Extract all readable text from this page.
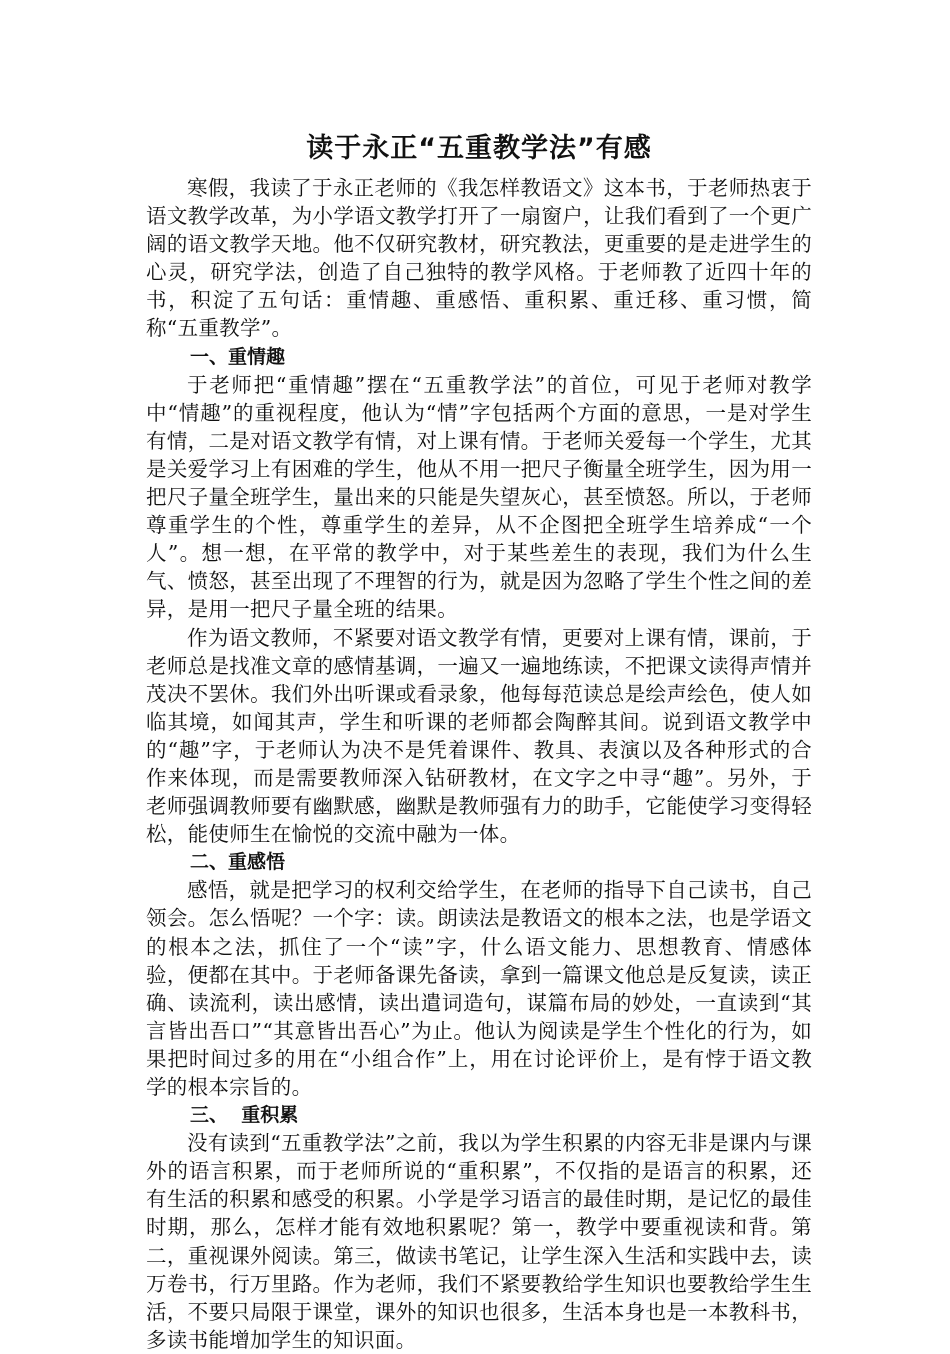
读于永正“五重教学法”有感

寒假，我读了于永正老师的《我怎样教语文》这本书，于老师热衷于语文教学改革，为小学语文教学打开了一扇窗户，让我们看到了一个更广阔的语文教学天地。他不仅研究教材，研究教法，更重要的是走进学生的心灵，研究学法，创造了自己独特的教学风格。于老师教了近四十年的书，积淀了五句话：重情趣、重感悟、重积累、重迁移、重习惯，简称“五重教学”。

一、重情趣

于老师把“重情趣”摆在“五重教学法”的首位，可见于老师对教学中“情趣”的重视程度，他认为“情”字包括两个方面的意思，一是对学生有情，二是对语文教学有情，对上课有情。于老师关爱每一个学生，尤其是关爱学习上有困难的学生，他从不用一把尺子衡量全班学生，因为用一把尺子量全班学生，量出来的只能是失望灰心，甚至愤怒。所以，于老师尊重学生的个性，尊重学生的差异，从不企图把全班学生培养成“一个人”。想一想，在平常的教学中，对于某些差生的表现，我们为什么生气、愤怒，甚至出现了不理智的行为，就是因为忽略了学生个性之间的差异，是用一把尺子量全班的结果。

作为语文教师，不紧要对语文教学有情，更要对上课有情，课前，于老师总是找准文章的感情基调，一遍又一遍地练读，不把课文读得声情并茂决不罢休。我们外出听课或看录象，他每每范读总是绘声绘色，使人如临其境，如闻其声，学生和听课的老师都会陶醉其间。说到语文教学中的“趣”字，于老师认为决不是凭着课件、教具、表演以及各种形式的合作来体现，而是需要教师深入钻研教材，在文字之中寻“趣”。另外，于老师强调教师要有幽默感，幽默是教师强有力的助手，它能使学习变得轻松，能使师生在愉悦的交流中融为一体。

二、重感悟

感悟，就是把学习的权利交给学生，在老师的指导下自己读书，自己领会。怎么悟呢？一个字：读。朗读法是教语文的根本之法，也是学语文的根本之法，抓住了一个“读”字，什么语文能力、思想教育、情感体验，便都在其中。于老师备课先备读，拿到一篇课文他总是反复读，读正确、读流利，读出感情，读出遣词造句，谋篇布局的妙处，一直读到“其言皆出吾口”“其意皆出吾心”为止。他认为阅读是学生个性化的行为，如果把时间过多的用在“小组合作”上，用在讨论评价上，是有悖于语文教学的根本宗旨的。

三、  重积累

没有读到“五重教学法”之前，我以为学生积累的内容无非是课内与课外的语言积累，而于老师所说的“重积累”，不仅指的是语言的积累，还有生活的积累和感受的积累。小学是学习语言的最佳时期，是记忆的最佳时期，那么，怎样才能有效地积累呢？第一，教学中要重视读和背。第二，重视课外阅读。第三，做读书笔记，让学生深入生活和实践中去，读万卷书，行万里路。作为老师，我们不紧要教给学生知识也要教给学生生活，不要只局限于课堂，课外的知识也很多，生活本身也是一本教科书，多读书能增加学生的知识面。
